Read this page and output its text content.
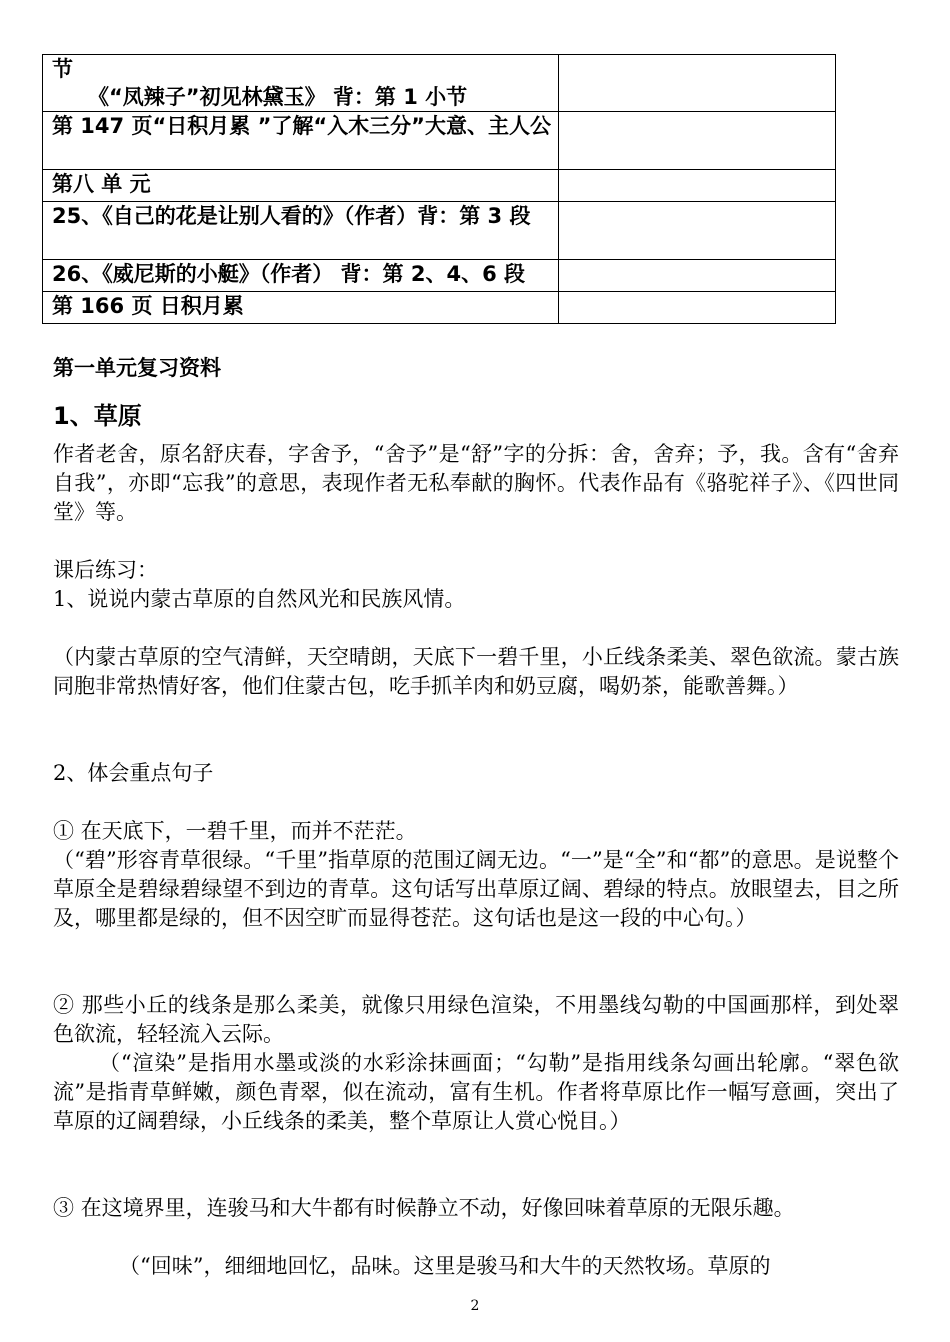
节
《“凤辣子”初见林黛玉》 背：第 1 小节	

第 147 页“日积月累 ”了解“入木三分”大意、主人公	
第八 单 元	
25、《自己的花是让别人看的》（作者）背：第 3 段	
26、《威尼斯的小艇》（作者） 背：第 2、4、6 段	
第 166 页 日积月累	
第一单元复习资料
1、草原
作者老舍，原名舒庆春，字舍予，“舍予”是“舒”字的分拆：舍，舍弃；予，我。含有“舍弃自我”，亦即“忘我”的意思，表现作者无私奉献的胸怀。代表作品有《骆驼祥子》、《四世同堂》等。
课后练习：
1、说说内蒙古草原的自然风光和民族风情。
（内蒙古草原的空气清鲜，天空晴朗，天底下一碧千里，小丘线条柔美、翠色欲流。蒙古族同胞非常热情好客，他们住蒙古包，吃手抓羊肉和奶豆腐，喝奶茶，能歌善舞。）
2、体会重点句子
① 在天底下，一碧千里，而并不茫茫。
（“碧”形容青草很绿。“千里”指草原的范围辽阔无边。“一”是“全”和“都”的意思。是说整个草原全是碧绿碧绿望不到边的青草。这句话写出草原辽阔、碧绿的特点。放眼望去，目之所及，哪里都是绿的，但不因空旷而显得苍茫。这句话也是这一段的中心句。）
② 那些小丘的线条是那么柔美，就像只用绿色渲染，不用墨线勾勒的中国画那样，到处翠色欲流，轻轻流入云际。
（“渲染”是指用水墨或淡的水彩涂抹画面；“勾勒”是指用线条勾画出轮廓。“翠色欲流”是指青草鲜嫩，颜色青翠，似在流动，富有生机。作者将草原比作一幅写意画，突出了草原的辽阔碧绿，小丘线条的柔美，整个草原让人赏心悦目。）
③ 在这境界里，连骏马和大牛都有时候静立不动，好像回味着草原的无限乐趣。
（“回味”，细细地回忆，品味。这里是骏马和大牛的天然牧场。草原的
2
